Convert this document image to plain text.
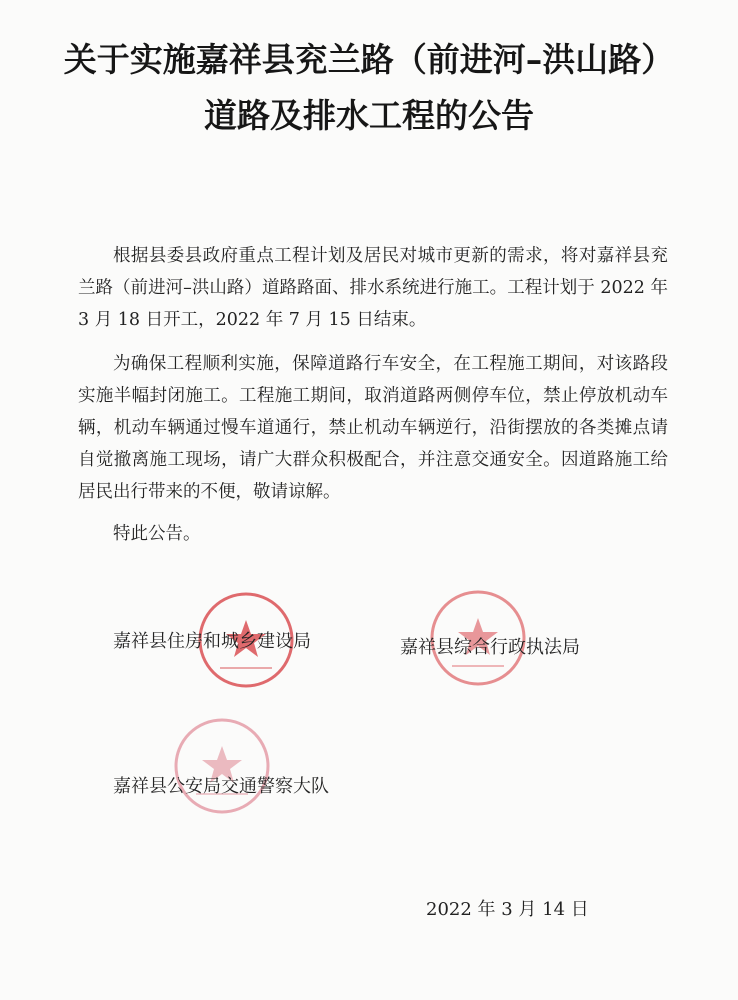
关于实施嘉祥县兖兰路（前进河–洪山路）
道路及排水工程的公告

根据县委县政府重点工程计划及居民对城市更新的需求，将对嘉祥县兖兰路（前进河–洪山路）道路路面、排水系统进行施工。工程计划于 2022 年 3 月 18 日开工，2022 年 7 月 15 日结束。

为确保工程顺利实施，保障道路行车安全，在工程施工期间，对该路段实施半幅封闭施工。工程施工期间，取消道路两侧停车位，禁止停放机动车辆，机动车辆通过慢车道通行，禁止机动车辆逆行，沿街摆放的各类摊点请自觉撤离施工现场，请广大群众积极配合，并注意交通安全。因道路施工给居民出行带来的不便，敬请谅解。

特此公告。

嘉祥县住房和城乡建设局	嘉祥县综合行政执法局
嘉祥县公安局交通警察大队
2022 年 3 月 14 日
